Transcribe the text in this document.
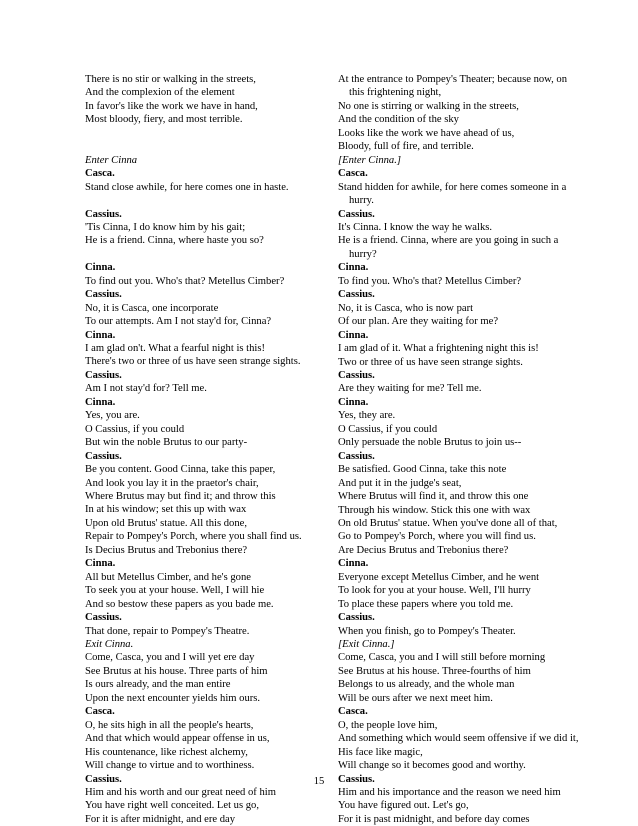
There is no stir or walking in the streets,
And the complexion of the element
In favor's like the work we have in hand,
Most bloody, fiery, and most terrible.
Enter Cinna
Casca.
Stand close awhile, for here comes one in haste.
Cassius.
'Tis Cinna, I do know him by his gait;
He is a friend. Cinna, where haste you so?
Cinna.
To find out you. Who's that? Metellus Cimber?
Cassius.
No, it is Casca, one incorporate
To our attempts. Am I not stay'd for, Cinna?
Cinna.
I am glad on't. What a fearful night is this!
There's two or three of us have seen strange sights.
Cassius.
Am I not stay'd for? Tell me.
Cinna.
Yes, you are.
O Cassius, if you could
But win the noble Brutus to our party-
Cassius.
Be you content. Good Cinna, take this paper,
And look you lay it in the praetor's chair,
Where Brutus may but find it; and throw this
In at his window; set this up with wax
Upon old Brutus' statue. All this done,
Repair to Pompey's Porch, where you shall find us.
Is Decius Brutus and Trebonius there?
Cinna.
All but Metellus Cimber, and he's gone
To seek you at your house. Well, I will hie
And so bestow these papers as you bade me.
Cassius.
That done, repair to Pompey's Theatre.
Exit Cinna.
Come, Casca, you and I will yet ere day
See Brutus at his house. Three parts of him
Is ours already, and the man entire
Upon the next encounter yields him ours.
Casca.
O, he sits high in all the people's hearts,
And that which would appear offense in us,
His countenance, like richest alchemy,
Will change to virtue and to worthiness.
Cassius.
Him and his worth and our great need of him
You have right well conceited. Let us go,
For it is after midnight, and ere day
At the entrance to Pompey's Theater; because now, on this frightening night,
No one is stirring or walking in the streets,
And the condition of the sky
Looks like the work we have ahead of us,
Bloody, full of fire, and terrible.
[Enter Cinna.]
Casca.
Stand hidden for awhile, for here comes someone in a hurry.
Cassius.
It's Cinna. I know the way he walks.
He is a friend. Cinna, where are you going in such a hurry?
Cinna.
To find you. Who's that? Metellus Cimber?
Cassius.
No, it is Casca, who is now part
Of our plan. Are they waiting for me?
Cinna.
I am glad of it. What a frightening night this is!
Two or three of us have seen strange sights.
Cassius.
Are they waiting for me? Tell me.
Cinna.
Yes, they are.
O Cassius, if you could
Only persuade the noble Brutus to join us--
Cassius.
Be satisfied. Good Cinna, take this note
And put it in the judge's seat,
Where Brutus will find it, and throw this one
Through his window. Stick this one with wax
On old Brutus' statue. When you've done all of that,
Go to Pompey's Porch, where you will find us.
Are Decius Brutus and Trebonius there?
Cinna.
Everyone except Metellus Cimber, and he went
To look for you at your house. Well, I'll hurry
To place these papers where you told me.
Cassius.
When you finish, go to Pompey's Theater.
[Exit Cinna.]
Come, Casca, you and I will still before morning
See Brutus at his house. Three-fourths of him
Belongs to us already, and the whole man
Will be ours after we next meet him.
Casca.
O, the people love him,
And something which would seem offensive if we did it,
His face like magic,
Will change so it becomes good and worthy.
Cassius.
Him and his importance and the reason we need him
You have figured out. Let's go,
For it is past midnight, and before day comes
15
